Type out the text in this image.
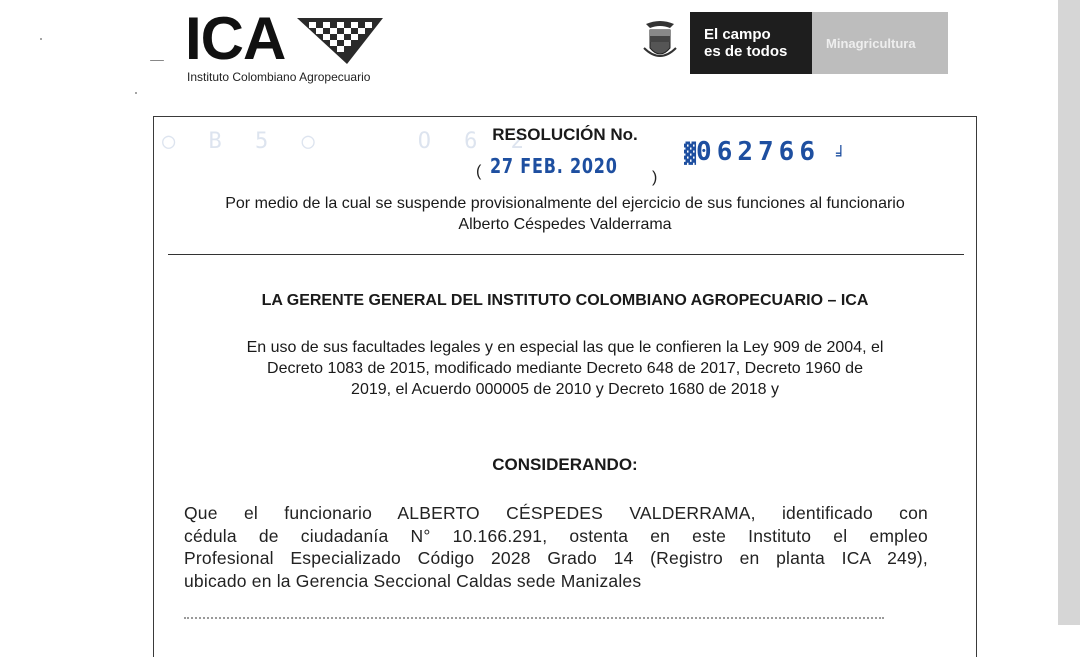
ICA
Instituto Colombiano Agropecuario
El campo
es de todos	Minagricultura
○ B 5 ○    O 6 2
RESOLUCIÓN No.
( 27 FEB. 2020 )
▓062766 ╛
Por medio de la cual se suspende provisionalmente del ejercicio de sus funciones al funcionario
Alberto Céspedes Valderrama
LA GERENTE GENERAL DEL INSTITUTO COLOMBIANO AGROPECUARIO – ICA
En uso de sus facultades legales y en especial las que le confieren la Ley 909 de 2004, el
Decreto 1083 de 2015, modificado mediante Decreto 648 de 2017, Decreto 1960 de
2019, el Acuerdo 000005 de 2010 y Decreto 1680 de 2018 y
CONSIDERANDO:
Que el funcionario ALBERTO CÉSPEDES VALDERRAMA, identificado con
cédula de ciudadanía N° 10.166.291, ostenta en este Instituto el empleo
Profesional Especializado Código 2028 Grado 14 (Registro en planta ICA 249),
ubicado en la Gerencia Seccional Caldas sede Manizales
